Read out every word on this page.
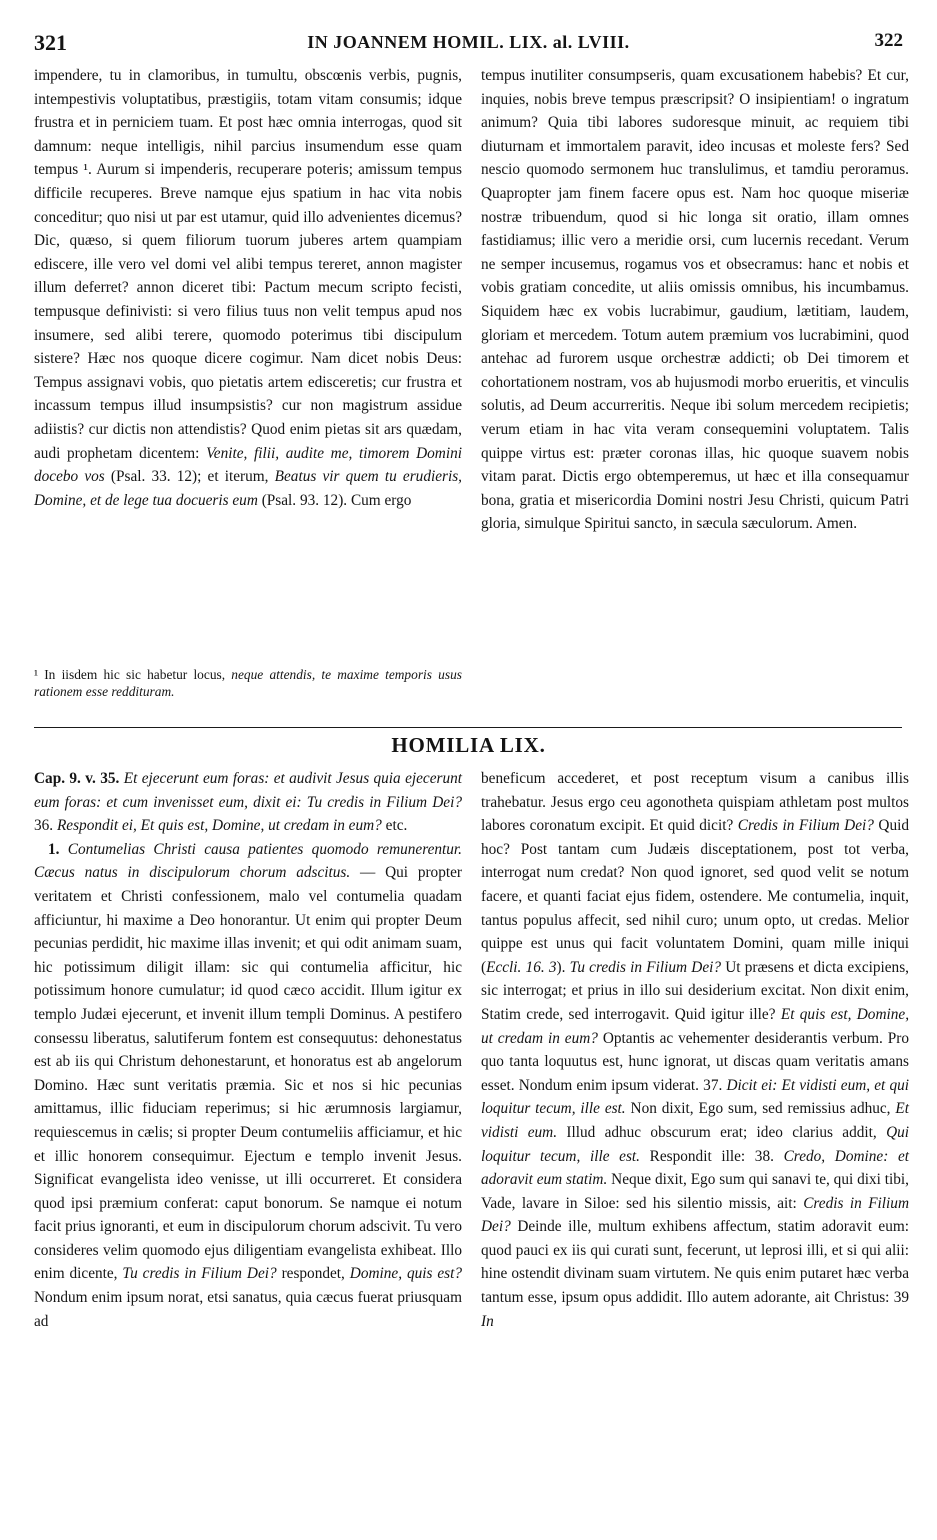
321	IN JOANNEM HOMIL. LIX. al. LVIII.	322

impendere, tu in clamoribus, in tumultu, obscœnis verbis, pugnis, intempestivis voluptatibus, præstigiis, totam vitam consumis; idque frustra et in perniciem tuam. Et post hæc omnia interrogas, quod sit damnum: neque intelligis, nihil parcius insumendum esse quam tempus ¹. Aurum si impenderis, recuperare poteris; amissum tempus difficile recuperes. Breve namque ejus spatium in hac vita nobis conceditur; quo nisi ut par est utamur, quid illo advenientes dicemus? Dic, quæso, si quem filiorum tuorum juberes artem quampiam ediscere, ille vero vel domi vel alibi tempus tereret, annon magister illum deferret? annon diceret tibi: Pactum mecum scripto fecisti, tempusque definivisti: si vero filius tuus non velit tempus apud nos insumere, sed alibi terere, quomodo poterimus tibi discipulum sistere? Hæc nos quoque dicere cogimur. Nam dicet nobis Deus: Tempus assignavi vobis, quo pietatis artem edisceretis; cur frustra et incassum tempus illud insumpsistis? cur non magistrum assidue adiistis? cur dictis non attendistis? Quod enim pietas sit ars quædam, audi prophetam dicentem: Venite, filii, audite me, timorem Domini docebo vos (Psal. 33. 12); et iterum, Beatus vir quem tu erudieris, Domine, et de lege tua docueris eum (Psal. 93. 12). Cum ergo

¹ In iisdem hic sic habetur locus, neque attendis, te maxime temporis usus rationem esse reddituram.

tempus inutiliter consumpseris, quam excusationem habebis? Et cur, inquies, nobis breve tempus præscripsit? O insipientiam! o ingratum animum? Quia tibi labores sudoresque minuit, ac requiem tibi diuturnam et immortalem paravit, ideo incusas et moleste fers? Sed nescio quomodo sermonem huc translulimus, et tamdiu peroramus. Quapropter jam finem facere opus est. Nam hoc quoque miseriæ nostræ tribuendum, quod si hic longa sit oratio, illam omnes fastidiamus; illic vero a meridie orsi, cum lucernis recedant. Verum ne semper incusemus, rogamus vos et obsecramus: hanc et nobis et vobis gratiam concedite, ut aliis omissis omnibus, his incumbamus. Siquidem hæc ex vobis lucrabimur, gaudium, lætitiam, laudem, gloriam et mercedem. Totum autem præmium vos lucrabimini, quod antehac ad furorem usque orchestræ addicti; ob Dei timorem et cohortationem nostram, vos ab hujusmodi morbo erueritis, et vinculis solutis, ad Deum accurreritis. Neque ibi solum mercedem recipietis; verum etiam in hac vita veram consequemini voluptatem. Talis quippe virtus est: præter coronas illas, hic quoque suavem nobis vitam parat. Dictis ergo obtemperemus, ut hæc et illa consequamur bona, gratia et misericordia Domini nostri Jesu Christi, quicum Patri gloria, simulque Spiritui sancto, in sæcula sæculorum. Amen.

HOMILIA LIX.

Cap. 9. v. 35. Et ejecerunt eum foras: et audivit Jesus quia ejecerunt eum foras: et cum invenisset eum, dixit ei: Tu credis in Filium Dei? 36. Respondit ei, Et quis est, Domine, ut credam in eum? etc.

1. Contumelias Christi causa patientes quomodo remunerentur. Cæcus natus in discipulorum chorum adscitus. — Qui propter veritatem et Christi confessionem, malo vel contumelia quadam afficiuntur, hi maxime a Deo honorantur. Ut enim qui propter Deum pecunias perdidit, hic maxime illas invenit; et qui odit animam suam, hic potissimum diligit illam: sic qui contumelia afficitur, hic potissimum honore cumulatur; id quod cæco accidit. Illum igitur ex templo Judæi ejecerunt, et invenit illum templi Dominus. A pestifero consessu liberatus, salutiferum fontem est consequutus: dehonestatus est ab iis qui Christum dehonestarunt, et honoratus est ab angelorum Domino. Hæc sunt veritatis præmia. Sic et nos si hic pecunias amittamus, illic fiduciam reperimus; si hic ærumnosis largiamur, requiescemus in cælis; si propter Deum contumeliis afficiamur, et hic et illic honorem consequimur. Ejectum e templo invenit Jesus. Significat evangelista ideo venisse, ut illi occurreret. Et considera quod ipsi præmium conferat: caput bonorum. Se namque ei notum facit prius ignoranti, et eum in discipulorum chorum adscivit. Tu vero consideres velim quomodo ejus diligentiam evangelista exhibeat. Illo enim dicente, Tu credis in Filium Dei? respondet, Domine, quis est? Nondum enim ipsum norat, etsi sanatus, quia cæcus fuerat priusquam ad

beneficum accederet, et post receptum visum a canibus illis trahebatur. Jesus ergo ceu agonotheta quispiam athletam post multos labores coronatum excipit. Et quid dicit? Credis in Filium Dei? Quid hoc? Post tantam cum Judæis disceptationem, post tot verba, interrogat num credat? Non quod ignoret, sed quod velit se notum facere, et quanti faciat ejus fidem, ostendere. Me contumelia, inquit, tantus populus affecit, sed nihil curo; unum opto, ut credas. Melior quippe est unus qui facit voluntatem Domini, quam mille iniqui (Eccli. 16. 3). Tu credis in Filium Dei? Ut præsens et dicta excipiens, sic interrogat; et prius in illo sui desiderium excitat. Non dixit enim, Statim crede, sed interrogavit. Quid igitur ille? Et quis est, Domine, ut credam in eum? Optantis ac vehementer desiderantis verbum. Pro quo tanta loquutus est, hunc ignorat, ut discas quam veritatis amans esset. Nondum enim ipsum viderat. 37. Dicit ei: Et vidisti eum, et qui loquitur tecum, ille est. Non dixit, Ego sum, sed remissius adhuc, Et vidisti eum. Illud adhuc obscurum erat; ideo clarius addit, Qui loquitur tecum, ille est. Respondit ille: 38. Credo, Domine: et adoravit eum statim. Neque dixit, Ego sum qui sanavi te, qui dixi tibi, Vade, lavare in Siloe: sed his silentio missis, ait: Credis in Filium Dei? Deinde ille, multum exhibens affectum, statim adoravit eum: quod pauci ex iis qui curati sunt, fecerunt, ut leprosi illi, et si qui alii: hine ostendit divinam suam virtutem. Ne quis enim putaret hæc verba tantum esse, ipsum opus addidit. Illo autem adorante, ait Christus: 39 In
